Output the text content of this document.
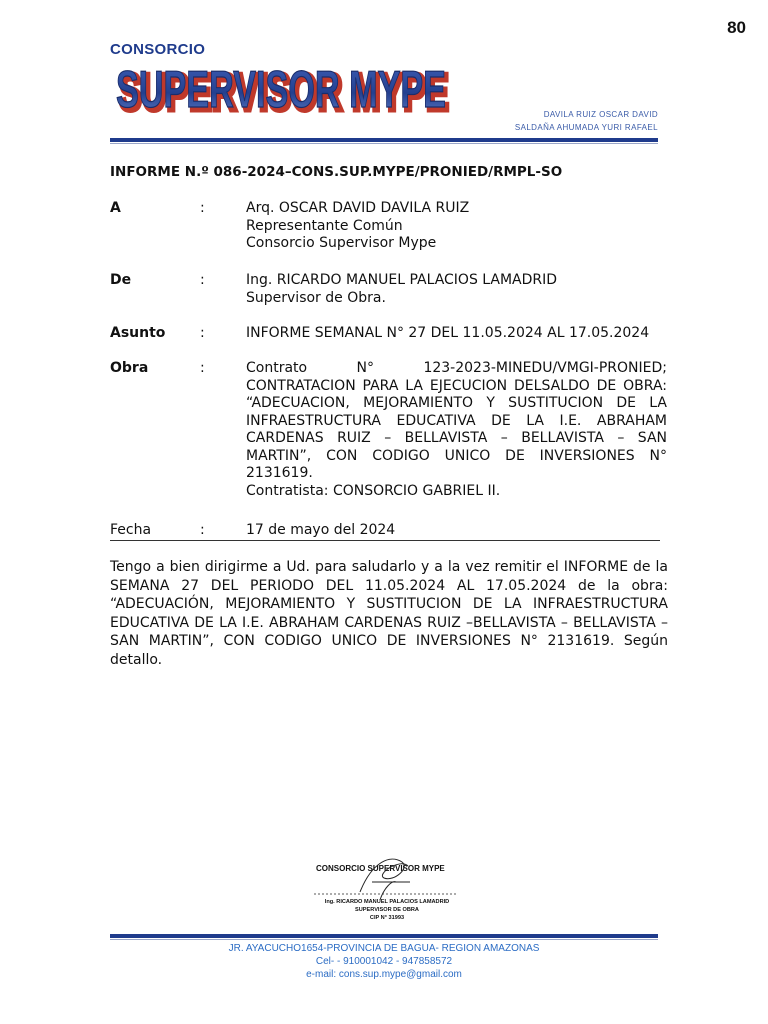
80
CONSORCIO
SUPERVISOR MYPE
SUPERVISOR MYPE	DAVILA RUIZ OSCAR DAVID
SALDAÑA AHUMADA YURI RAFAEL
INFORME N.º 086-2024–CONS.SUP.MYPE/PRONIED/RMPL-SO
A	:	Arq. OSCAR DAVID DAVILA RUIZ
Representante Común
Consorcio Supervisor Mype
De	:	Ing. RICARDO MANUEL PALACIOS LAMADRID
Supervisor de Obra.
Asunto :	INFORME SEMANAL N° 27 DEL 11.05.2024 AL 17.05.2024
Obra	:	Contrato N° 123-2023-MINEDU/VMGI-PRONIED; CONTRATACION PARA LA EJECUCION DELSALDO DE OBRA: “ADECUACION, MEJORAMIENTO Y SUSTITUCION DE LA INFRAESTRUCTURA EDUCATIVA DE LA I.E. ABRAHAM CARDENAS RUIZ – BELLAVISTA – BELLAVISTA – SAN MARTIN”, CON CODIGO UNICO DE INVERSIONES N° 2131619.
Contratista: CONSORCIO GABRIEL II.
Fecha	:	17 de mayo del 2024
Tengo a bien dirigirme a Ud. para saludarlo y a la vez remitir el INFORME de la SEMANA 27 DEL PERIODO DEL 11.05.2024 AL 17.05.2024 de la obra: “ADECUACIÓN, MEJORAMIENTO Y SUSTITUCION DE LA INFRAESTRUCTURA EDUCATIVA DE LA I.E. ABRAHAM CARDENAS RUIZ –BELLAVISTA – BELLAVISTA – SAN MARTIN”, CON CODIGO UNICO DE INVERSIONES N° 2131619. Según detallo.
CONSORCIO SUPERVISOR MYPE
Ing. RICARDO MANUEL PALACIOS LAMADRID
SUPERVISOR DE OBRA
CIP N° 31993
JR. AYACUCHO1654-PROVINCIA DE BAGUA- REGION AMAZONAS
Cel- - 910001042 - 947858572
e-mail: cons.sup.mype@gmail.com
